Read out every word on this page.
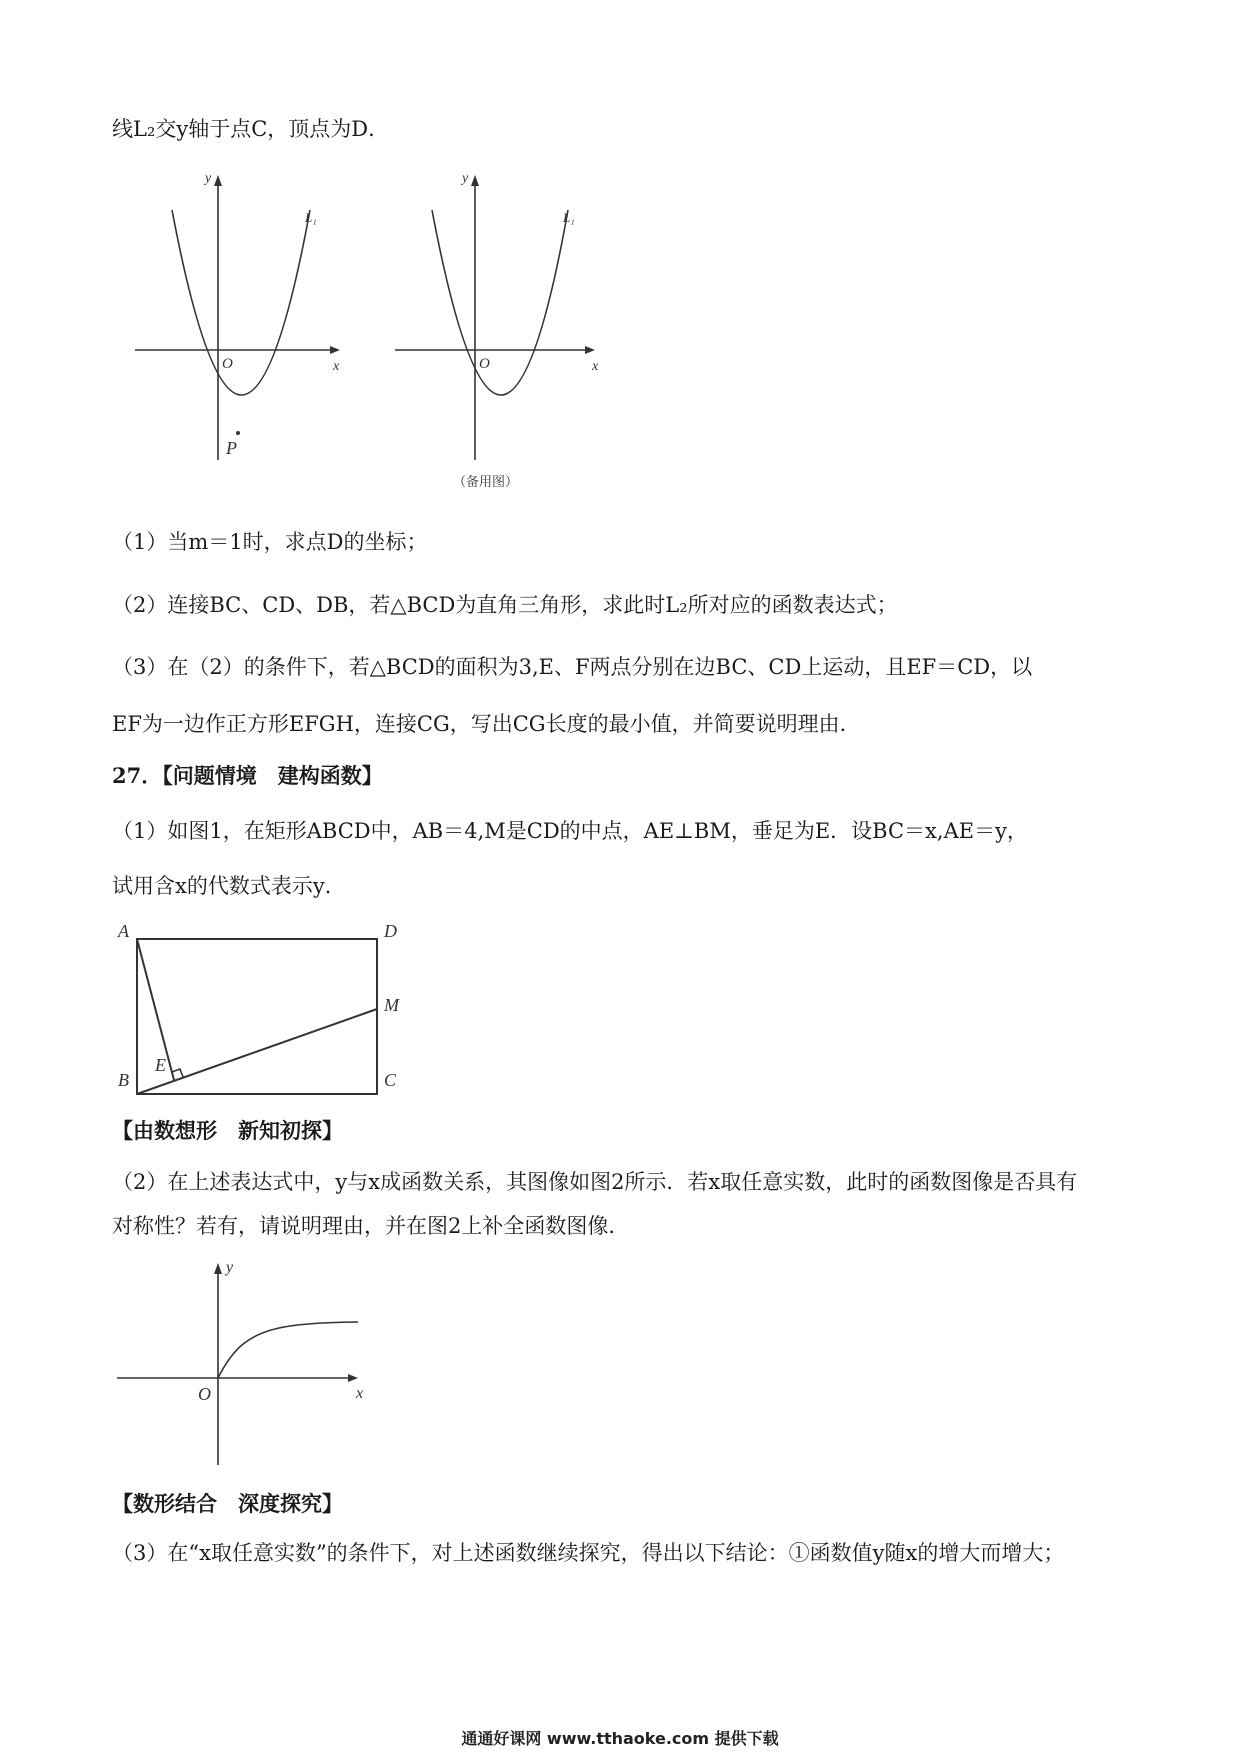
线L₂交y轴于点C，顶点为D．
y
x
O
L₁
P
y
x
O
L₁
（备用图）
（1）当m＝1时，求点D的坐标；
（2）连接BC、CD、DB，若△BCD为直角三角形，求此时L₂所对应的函数表达式；
（3）在（2）的条件下，若△BCD的面积为3,E、F两点分别在边BC、CD上运动，且EF＝CD，以
EF为一边作正方形EFGH，连接CG，写出CG长度的最小值，并简要说明理由．
27．【问题情境　建构函数】
（1）如图1，在矩形ABCD中，AB＝4,M是CD的中点，AE⊥BM，垂足为E．设BC＝x,AE＝y，
试用含x的代数式表示y．
A	D
M
B	C
E
【由数想形　新知初探】
（2）在上述表达式中，y与x成函数关系，其图像如图2所示．若x取任意实数，此时的函数图像是否具有
对称性？若有，请说明理由，并在图2上补全函数图像．
y
x
O
【数形结合　深度探究】
（3）在“x取任意实数”的条件下，对上述函数继续探究，得出以下结论：①函数值y随x的增大而增大；
通通好课网 www.tthaoke.com 提供下载
